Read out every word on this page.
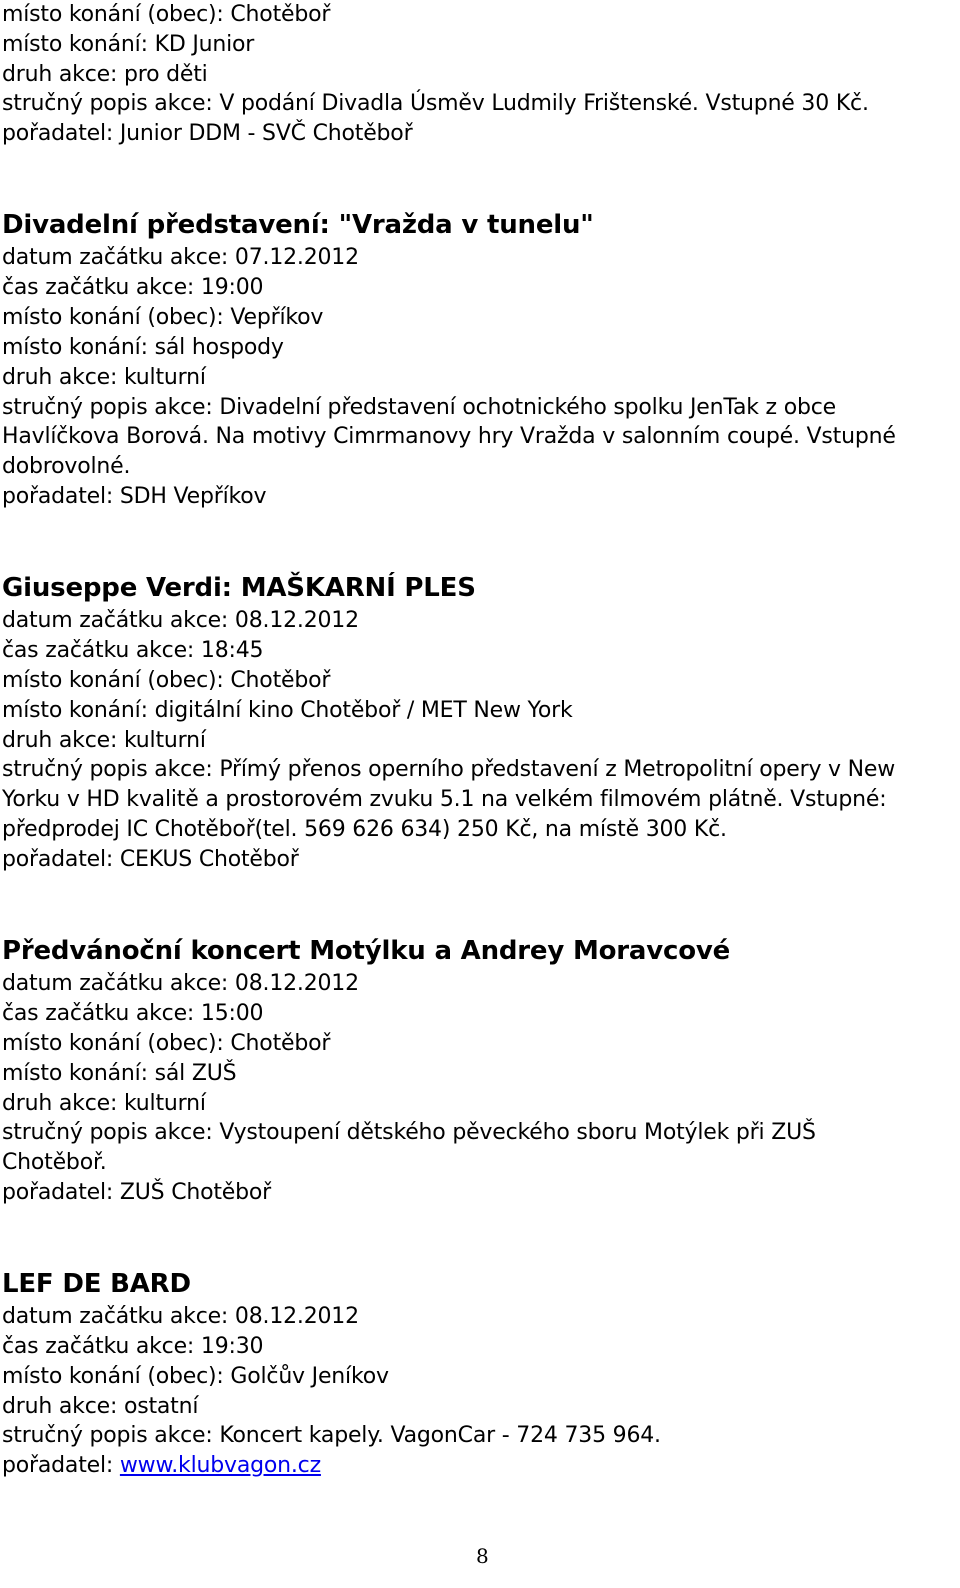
místo konání (obec): Chotěboř
místo konání: KD Junior
druh akce: pro děti
stručný popis akce: V podání Divadla Úsměv Ludmily Frištenské. Vstupné 30 Kč.
pořadatel: Junior DDM - SVČ Chotěboř
Divadelní představení: "Vražda v tunelu"
datum začátku akce: 07.12.2012
čas začátku akce: 19:00
místo konání (obec): Vepříkov
místo konání: sál hospody
druh akce: kulturní
stručný popis akce: Divadelní představení ochotnického spolku JenTak z obce
Havlíčkova Borová. Na motivy Cimrmanovy hry Vražda v salonním coupé. Vstupné
dobrovolné.
pořadatel: SDH Vepříkov
Giuseppe Verdi: MAŠKARNÍ PLES
datum začátku akce: 08.12.2012
čas začátku akce: 18:45
místo konání (obec): Chotěboř
místo konání: digitální kino Chotěboř / MET New York
druh akce: kulturní
stručný popis akce: Přímý přenos operního představení z Metropolitní opery v New
Yorku v HD kvalitě a prostorovém zvuku 5.1 na velkém filmovém plátně. Vstupné:
předprodej IC Chotěboř(tel. 569 626 634) 250 Kč, na místě 300 Kč.
pořadatel: CEKUS Chotěboř
Předvánoční koncert Motýlku a Andrey Moravcové
datum začátku akce: 08.12.2012
čas začátku akce: 15:00
místo konání (obec): Chotěboř
místo konání: sál ZUŠ
druh akce: kulturní
stručný popis akce: Vystoupení dětského pěveckého sboru Motýlek při ZUŠ
Chotěboř.
pořadatel: ZUŠ Chotěboř
LEF DE BARD
datum začátku akce: 08.12.2012
čas začátku akce: 19:30
místo konání (obec): Golčův Jeníkov
druh akce: ostatní
stručný popis akce: Koncert kapely. VagonCar - 724 735 964.
pořadatel: www.klubvagon.cz
8
